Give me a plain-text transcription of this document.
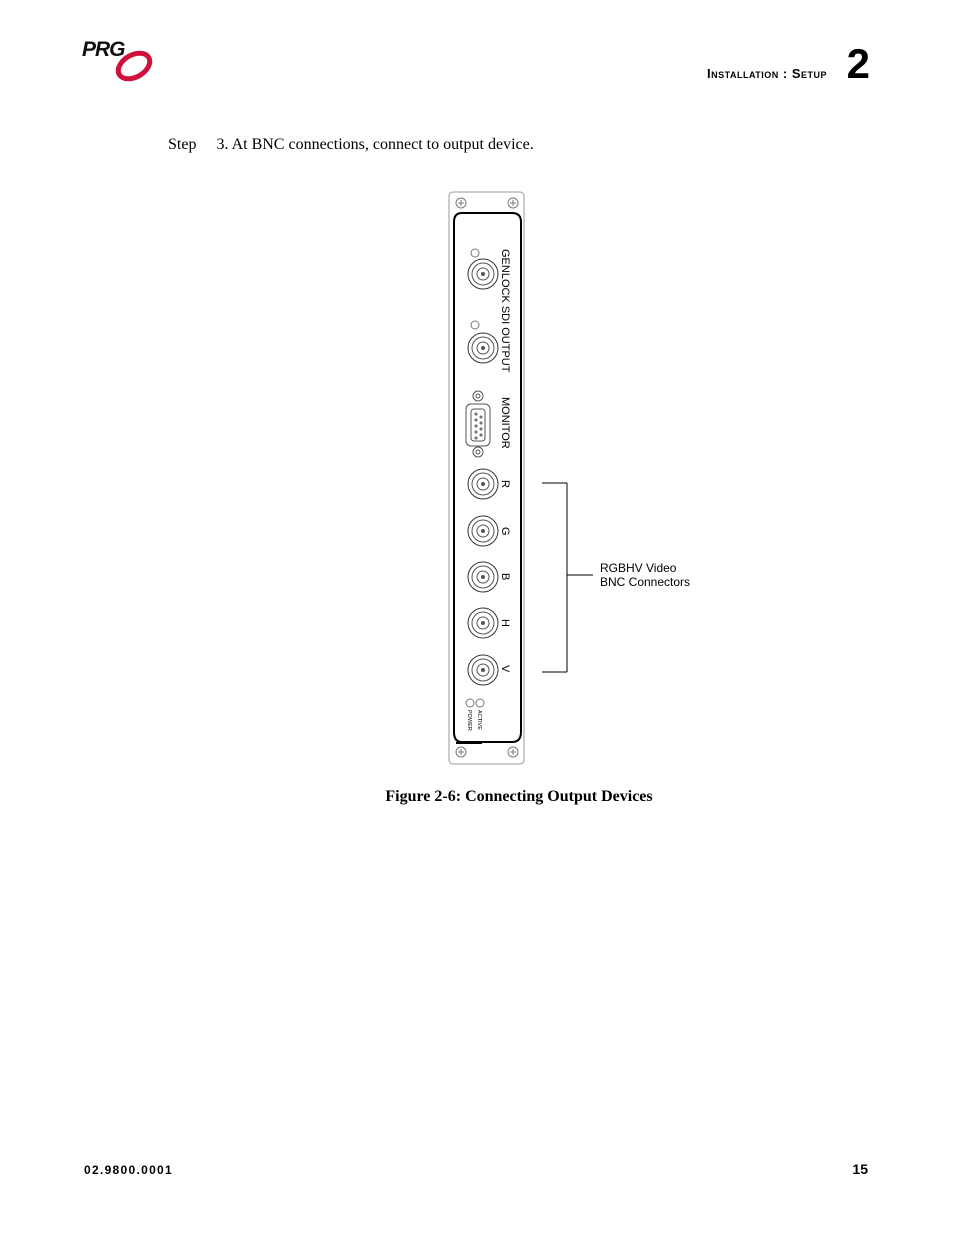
PRG
Installation : Setup 2
Step 3. At BNC connections, connect to output device.
GENLOCK SDI OUTPUT
MONITOR
R
G
B
H
V
ACTIVE
POWER
RGBHV Video
BNC Connectors
Figure 2-6: Connecting Output Devices
02.9800.0001	15
